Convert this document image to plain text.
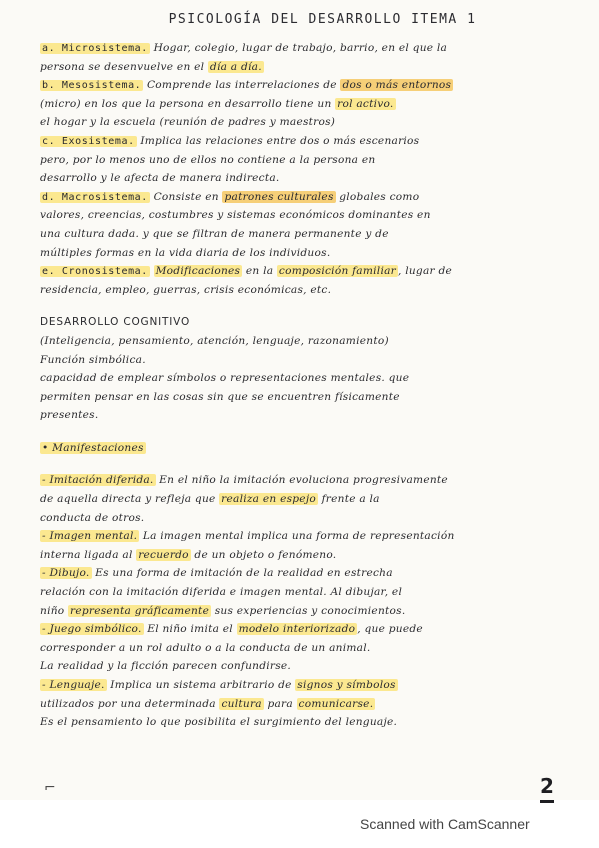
PSICOLOGÍA DEL DESARROLLO ITEMA 1
a. Microsistema. Hogar, colegio, lugar de trabajo, barrio, en el que la
persona se desenvuelve en el día a día.
b. Mesosistema. Comprende las interrelaciones de dos o más entornos
(micro) en los que la persona en desarrollo tiene un rol activo.
el hogar y la escuela (reunión de padres y maestros)
c. Exosistema. Implica las relaciones entre dos o más escenarios
pero, por lo menos uno de ellos no contiene a la persona en
desarrollo y le afecta de manera indirecta.
d. Macrosistema. Consiste en patrones culturales globales como
valores, creencias, costumbres y sistemas económicos dominantes en
una cultura dada. y que se filtran de manera permanente y de
múltiples formas en la vida diaria de los individuos.
e. Cronosistema. Modificaciones en la composición familiar , lugar de
residencia, empleo, guerras, crisis económicas, etc.
DESARROLLO COGNITIVO
(Inteligencia, pensamiento, atención, lenguaje, razonamiento)
Función simbólica.
capacidad de emplear símbolos o representaciones mentales. que
permiten pensar en las cosas sin que se encuentren físicamente
presentes.
• Manifestaciones
- Imitación diferida. En el niño la imitación evoluciona progresivamente
de aquella directa y refleja que realiza en espejo frente a la
conducta de otros.
- Imagen mental. La imagen mental implica una forma de representación
interna ligada al recuerdo de un objeto o fenómeno.
- Dibujo. Es una forma de imitación de la realidad en estrecha
relación con la imitación diferida e imagen mental. Al dibujar, el
niño representa gráficamente sus experiencias y conocimientos.
- Juego simbólico. El niño imita el modelo interiorizado , que puede
corresponder a un rol adulto o a la conducta de un animal.
La realidad y la ficción parecen confundirse.
- Lenguaje. Implica un sistema arbitrario de signos y símbolos
utilizados por una determinada cultura para comunicarse.
Es el pensamiento lo que posibilita el surgimiento del lenguaje.
⌐	2
Scanned with CamScanner
